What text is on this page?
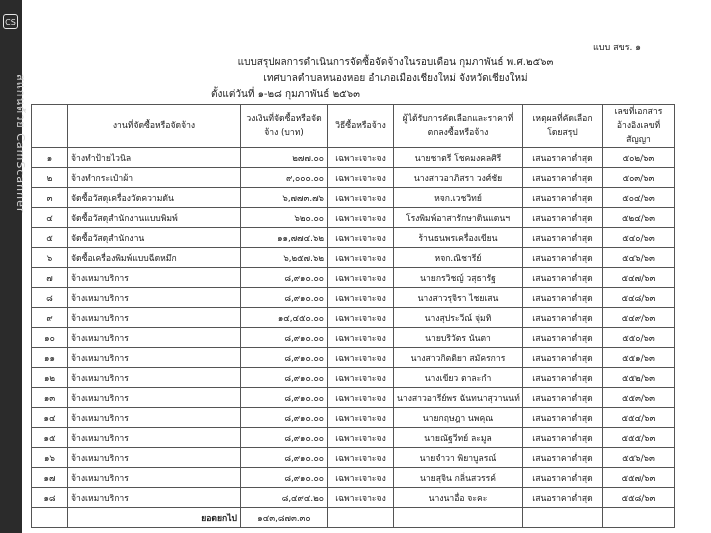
CS
สแกนด้วย CamScanner
แบบ สขร. ๑
แบบสรุปผลการดำเนินการจัดซื้อจัดจ้างในรอบเดือน กุมภาพันธ์ พ.ศ.๒๕๖๓
เทศบาลตำบลหนองหอย อำเภอเมืองเชียงใหม่ จังหวัดเชียงใหม่
ตั้งแต่วันที่ ๑-๒๘ กุมภาพันธ์ ๒๕๖๓
	งานที่จัดซื้อหรือจัดจ้าง	วงเงินที่จัดซื้อหรือจัดจ้าง (บาท)	วิธีซื้อหรือจ้าง	ผู้ได้รับการคัดเลือกและราคาที่ตกลงซื้อหรือจ้าง	เหตุผลที่คัดเลือกโดยสรุป	เลขที่เอกสารอ้างอิงเลขที่สัญญา
๑	จ้างทำป้ายไวนิล	๒๗๗.๐๐	เฉพาะเจาะจง	นายชาตรี โชคมงคลศิรี	เสนอราคาต่ำสุด	๕๐๒/๖๓
๒	จ้างทำกระเป๋าผ้า	๙,๐๐๐.๐๐	เฉพาะเจาะจง	นางสาวอาภิสรา วงศ์ชัย	เสนอราคาต่ำสุด	๕๐๓/๖๓
๓	จัดซื้อวัสดุเครื่องวัดความดัน	๖,๗๗๓.๗๖	เฉพาะเจาะจง	หจก.เวชวิทย์	เสนอราคาต่ำสุด	๕๐๔/๖๓
๔	จัดซื้อวัสดุสำนักงานแบบพิมพ์	๖๒๐.๐๐	เฉพาะเจาะจง	โรงพิมพ์อาสารักษาดินแดนฯ	เสนอราคาต่ำสุด	๕๒๔/๖๓
๕	จัดซื้อวัสดุสำนักงาน	๑๑,๗๗๔.๖๒	เฉพาะเจาะจง	ร้านธนพรเครื่องเขียน	เสนอราคาต่ำสุด	๕๔๐/๖๓
๖	จัดซื้อเครื่องพิมพ์แบบฉีดหมึก	๖,๒๕๗.๖๒	เฉพาะเจาะจง	หจก.ณิชารีย์	เสนอราคาต่ำสุด	๕๔๖/๖๓
๗	จ้างเหมาบริการ	๘,๙๑๐.๐๐	เฉพาะเจาะจง	นายกรวิชญ์ วสุธารัฐ	เสนอราคาต่ำสุด	๕๔๗/๖๓
๘	จ้างเหมาบริการ	๘,๙๑๐.๐๐	เฉพาะเจาะจง	นางสาวรุจิรา ไชยเสน	เสนอราคาต่ำสุด	๕๔๘/๖๓
๙	จ้างเหมาบริการ	๑๔,๔๕๐.๐๐	เฉพาะเจาะจง	นางสุประวีณ์ จุ่มทิ	เสนอราคาต่ำสุด	๕๔๙/๖๓
๑๐	จ้างเหมาบริการ	๘,๙๑๐.๐๐	เฉพาะเจาะจง	นายบริวัตร นันตา	เสนอราคาต่ำสุด	๕๕๐/๖๓
๑๑	จ้างเหมาบริการ	๘,๙๑๐.๐๐	เฉพาะเจาะจง	นางสาวกิตติยา สมัครการ	เสนอราคาต่ำสุด	๕๕๑/๖๓
๑๒	จ้างเหมาบริการ	๘,๙๑๐.๐๐	เฉพาะเจาะจง	นางเขียว ตาละกำ	เสนอราคาต่ำสุด	๕๕๒/๖๓
๑๓	จ้างเหมาบริการ	๘,๙๑๐.๐๐	เฉพาะเจาะจง	นางสาวอารีย์พร ฉันทนาสุวานนท์	เสนอราคาต่ำสุด	๕๕๓/๖๓
๑๔	จ้างเหมาบริการ	๘,๙๑๐.๐๐	เฉพาะเจาะจง	นายกฤษฎา นพคุณ	เสนอราคาต่ำสุด	๕๕๔/๖๓
๑๕	จ้างเหมาบริการ	๘,๙๑๐.๐๐	เฉพาะเจาะจง	นายณัฐวีทย์ ละมูล	เสนอราคาต่ำสุด	๕๕๕/๖๓
๑๖	จ้างเหมาบริการ	๘,๙๑๐.๐๐	เฉพาะเจาะจง	นายจำวา พิยาบูลรณ์	เสนอราคาต่ำสุด	๕๕๖/๖๓
๑๗	จ้างเหมาบริการ	๘,๙๑๐.๐๐	เฉพาะเจาะจง	นายสุจิน กลิ่นสวรรค์	เสนอราคาต่ำสุด	๕๕๗/๖๓
๑๘	จ้างเหมาบริการ	๘,๔๙๔.๒๐	เฉพาะเจาะจง	นางนาอื่อ จะคะ	เสนอราคาต่ำสุด	๕๕๘/๖๓
	ยอดยกไป	๑๔๓,๘๗๓.๓๐				
